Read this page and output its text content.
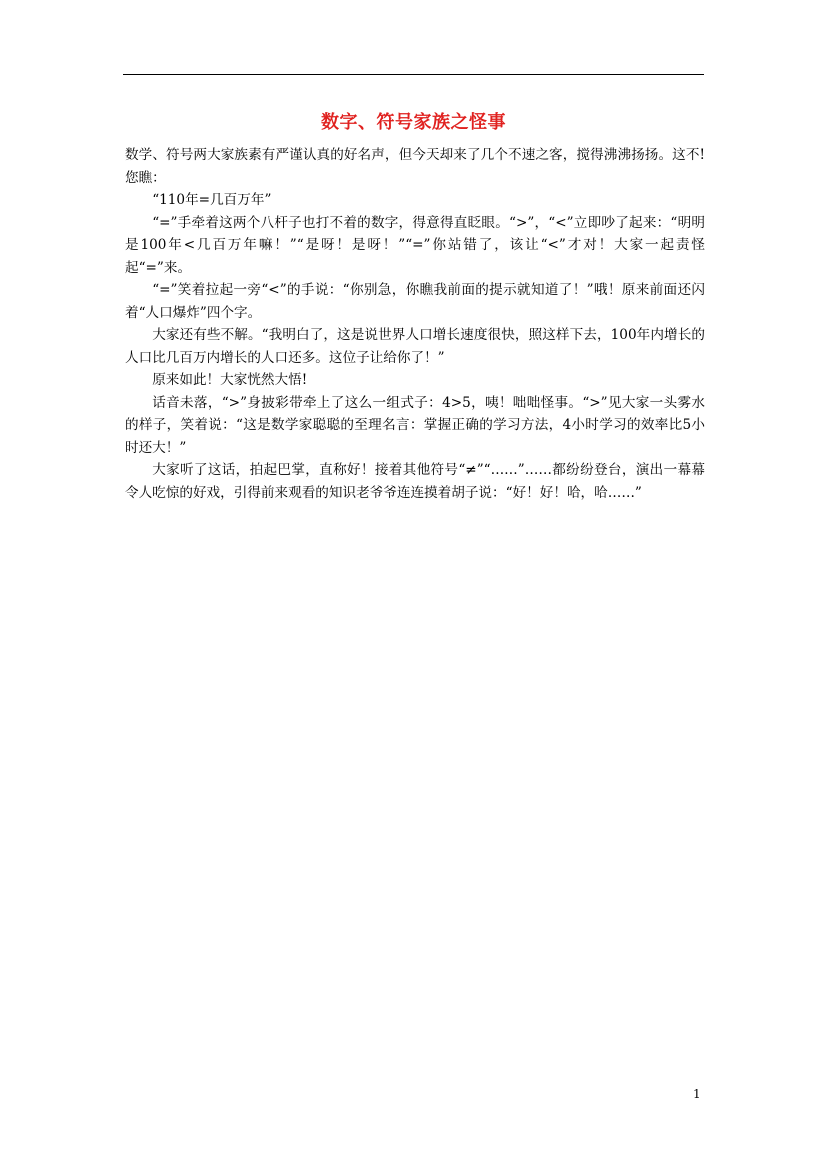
数字、符号家族之怪事

数学、符号两大家族素有严谨认真的好名声，但今天却来了几个不速之客，搅得沸沸扬扬。这不!您瞧：

“110年=几百万年”

“=”手牵着这两个八杆子也打不着的数字，得意得直眨眼。“>”，“<”立即吵了起来：“明明是100年<几百万年嘛！”“是呀！是呀！”“=”你站错了，该让“<”才对！大家一起责怪起“=”来。

“=”笑着拉起一旁“<”的手说：“你别急，你瞧我前面的提示就知道了！”哦！原来前面还闪着“人口爆炸”四个字。

大家还有些不解。“我明白了，这是说世界人口增长速度很快，照这样下去，100年内增长的人口比几百万内增长的人口还多。这位子让给你了！”

原来如此！大家恍然大悟!

话音未落，“>”身披彩带牵上了这么一组式子：4>5，咦！咄咄怪事。“>”见大家一头雾水的样子，笑着说：“这是数学家聪聪的至理名言：掌握正确的学习方法，4小时学习的效率比5小时还大！”

大家听了这话，拍起巴掌，直称好！接着其他符号“≠”“……”……都纷纷登台，演出一幕幕令人吃惊的好戏，引得前来观看的知识老爷爷连连摸着胡子说：“好！好！哈，哈……”

1
